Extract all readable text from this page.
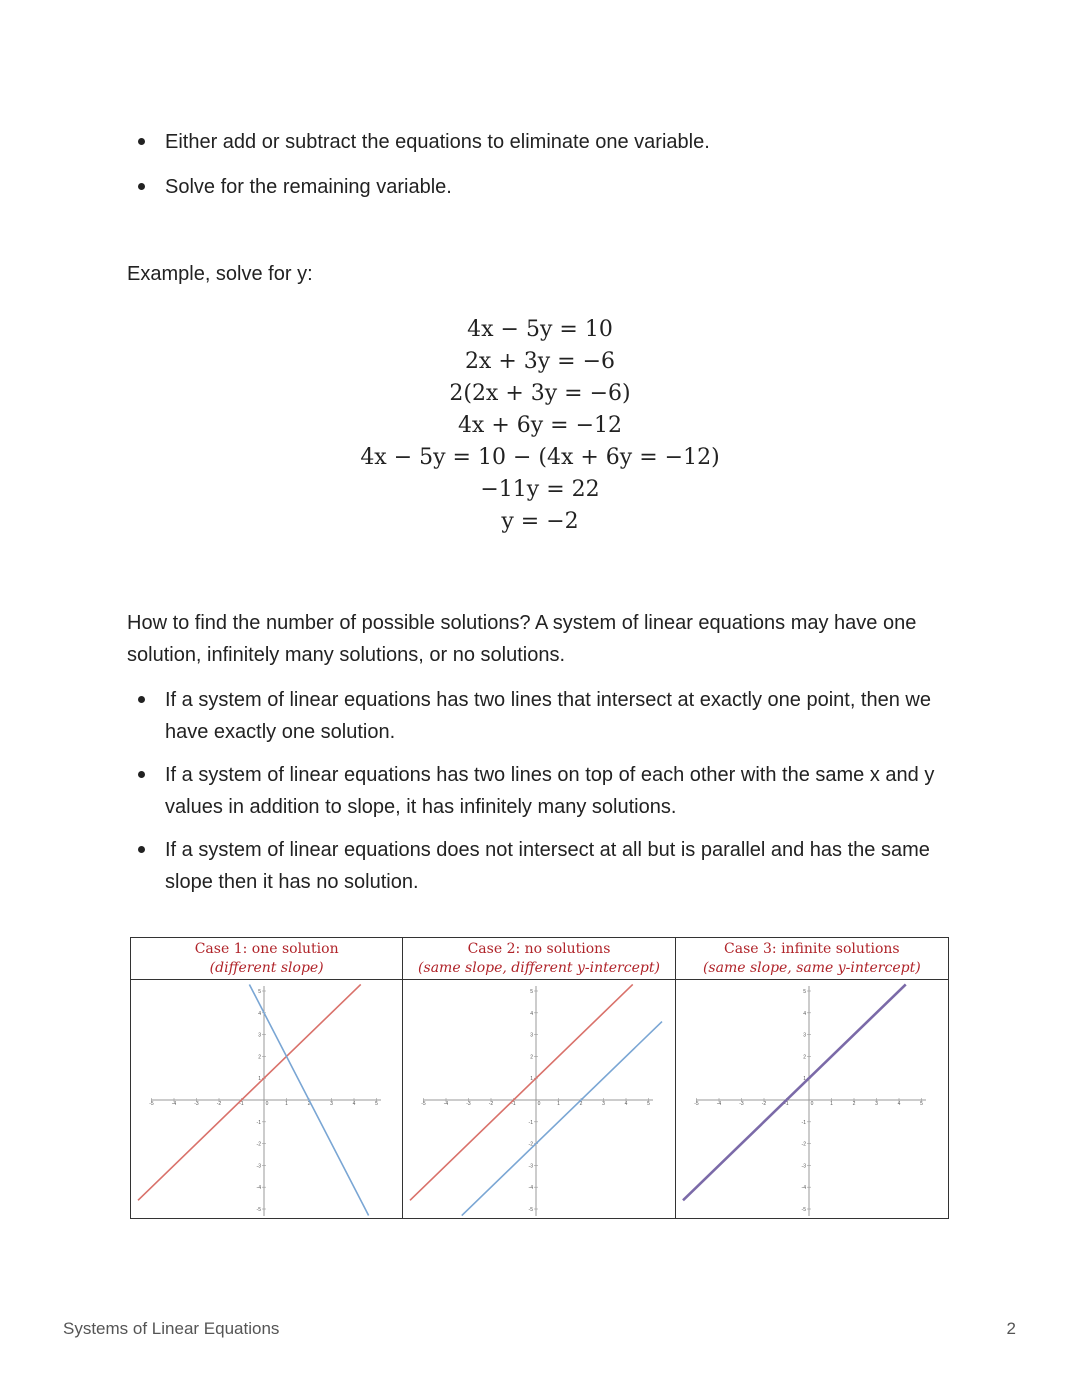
Either add or subtract the equations to eliminate one variable.
Solve for the remaining variable.

Example, solve for y:

4x − 5y = 10
2x + 3y = −6
2(2x + 3y = −6)
4x + 6y = −12
4x − 5y = 10 − (4x + 6y = −12)
−11y = 22
y = −2

How to find the number of possible solutions? A system of linear equations may have one solution, infinitely many solutions, or no solutions.

If a system of linear equations has two lines that intersect at exactly one point, then we have exactly one solution.
If a system of linear equations has two lines on top of each other with the same x and y values in addition to slope, it has infinitely many solutions.
If a system of linear equations does not intersect at all but is parallel and has the same slope then it has no solution.
Case 1: one solution
(different slope)
Case 2: no solutions
(same slope, different y-intercept)
Case 3: infinite solutions
(same slope, same y-intercept)
-5	-4	-3	-2	-1	0	1	2	3	4	5
5
4
3
2
1
-1
-2
-3
-4
-5
-5	-4	-3	-2	-1	0	1	2	3	4	5
5
4
3
2
1
-1
-2
-3
-4
-5
-5	-4	-3	-2	-1	0	1	2	3	4	5
5
4
3
2
1
-1
-2
-3
-4
-5
Systems of Linear Equations	2
